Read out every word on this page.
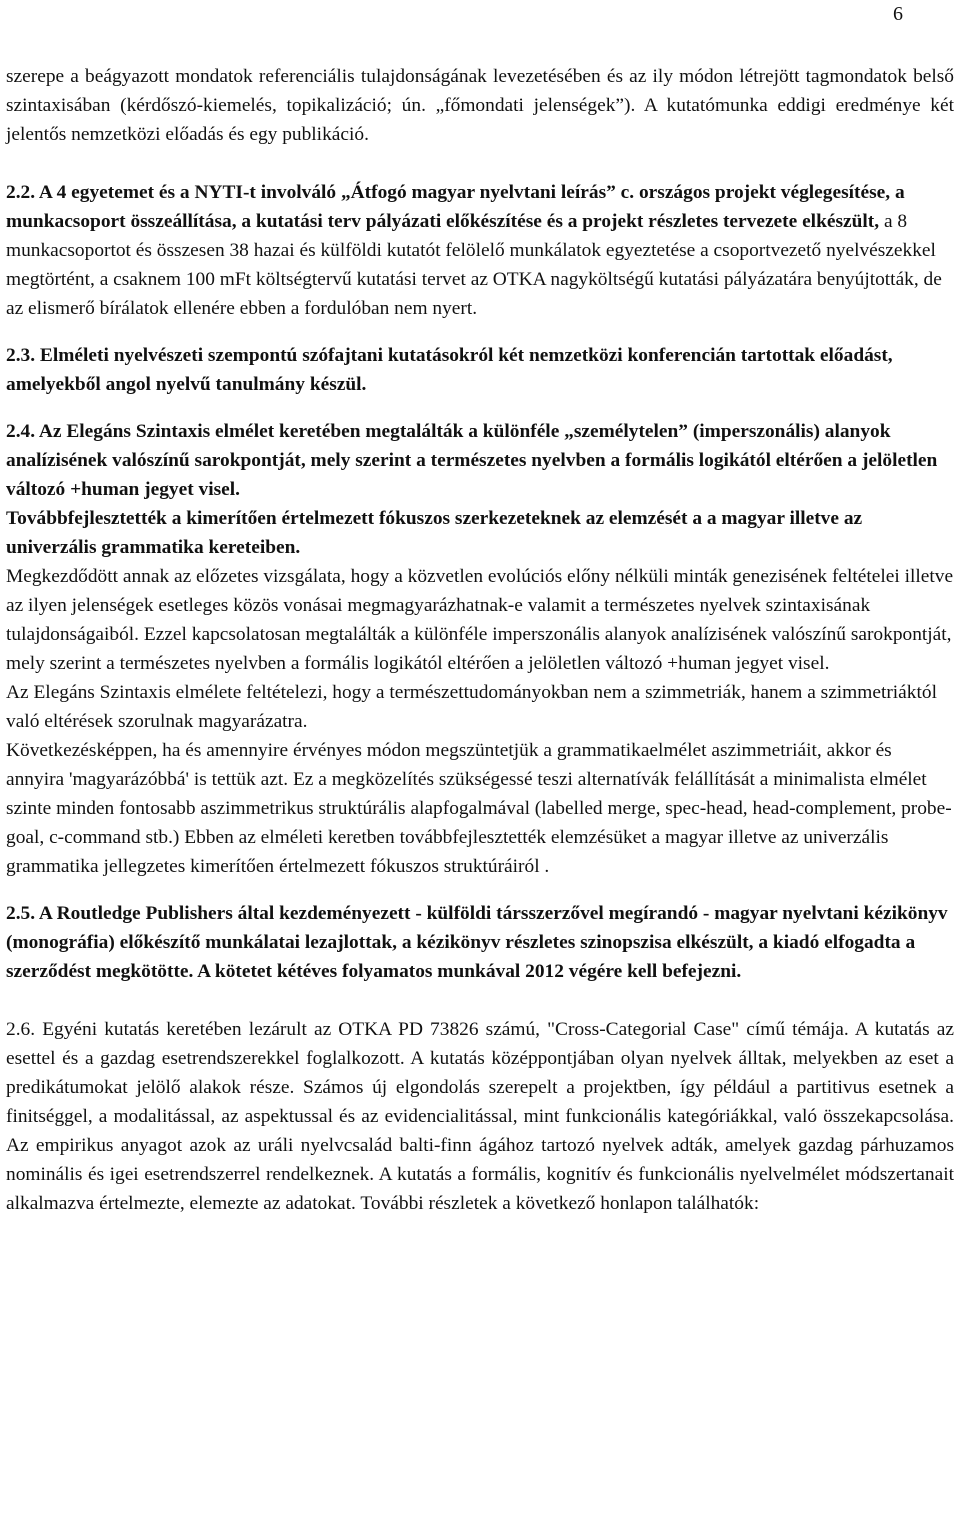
6
szerepe a beágyazott mondatok referenciális tulajdonságának levezetésében és az ily módon létrejött tagmondatok belső szintaxisában (kérdőszó-kiemelés, topikalizáció; ún. „főmondati jelenségek”). A kutatómunka eddigi eredménye két jelentős nemzetközi előadás és egy publikáció.
2.2. A 4 egyetemet és a NYTI-t involváló „Átfogó magyar nyelvtani leírás” c. országos projekt véglegesítése, a munkacsoport összeállítása, a kutatási terv pályázati előkészítése és a projekt részletes tervezete elkészült, a 8 munkacsoportot és összesen 38 hazai és külföldi kutatót felölelő munkálatok egyeztetése a csoportvezető nyelvészekkel megtörtént, a csaknem 100 mFt költségtervű kutatási tervet az OTKA nagyköltségű kutatási pályázatára benyújtották, de az elismerő bírálatok ellenére ebben a fordulóban nem nyert.
2.3. Elméleti nyelvészeti szempontú szófajtani kutatásokról két nemzetközi konferencián tartottak előadást, amelyekből angol nyelvű tanulmány készül.
2.4. Az Elegáns Szintaxis elmélet keretében megtalálták a különféle „személytelen” (imperszonális) alanyok analízisének valószínű sarokpontját, mely szerint a természetes nyelvben a formális logikától eltérően a jelöletlen változó +human jegyet visel.
Továbbfejlesztették a kimerítően értelmezett fókuszos szerkezeteknek az elemzését a a magyar illetve az univerzális grammatika kereteiben.
Megkezdődött annak az előzetes vizsgálata, hogy a közvetlen evolúciós előny nélküli minták genezisének feltételei illetve az ilyen jelenségek esetleges közös vonásai megmagyarázhatnak-e valamit a természetes nyelvek szintaxisának tulajdonságaiból. Ezzel kapcsolatosan megtalálták a különféle imperszonális alanyok analízisének valószínű sarokpontját, mely szerint a természetes nyelvben a formális logikától eltérően a jelöletlen változó +human jegyet visel.
Az Elegáns Szintaxis elmélete feltételezi, hogy a természettudományokban nem a szimmetriák, hanem a szimmetriáktól való eltérések szorulnak magyarázatra.
Következésképpen, ha és amennyire érvényes módon megszüntetjük a grammatikaelmélet aszimmetriáit, akkor és annyira 'magyarázóbbá' is tettük azt. Ez a megközelítés szükségessé teszi alternatívák felállítását a minimalista elmélet szinte minden fontosabb aszimmetrikus struktúrális alapfogalmával (labelled merge, spec-head, head-complement, probe-goal, c-command stb.) Ebben az elméleti keretben továbbfejlesztették elemzésüket a magyar illetve az univerzális grammatika jellegzetes kimerítően értelmezett fókuszos struktúráiról .
2.5. A Routledge Publishers által kezdeményezett - külföldi társszerzővel megírandó - magyar nyelvtani kézikönyv (monográfia) előkészítő munkálatai lezajlottak, a kézikönyv részletes szinopszisa elkészült, a kiadó elfogadta a szerződést megkötötte. A kötetet kétéves folyamatos munkával 2012 végére kell befejezni.
2.6. Egyéni kutatás keretében lezárult az OTKA PD 73826 számú, "Cross-Categorial Case" című témája. A kutatás az esettel és a gazdag esetrendszerekkel foglalkozott. A kutatás középpontjában olyan nyelvek álltak, melyekben az eset a predikátumokat jelölő alakok része. Számos új elgondolás szerepelt a projektben, így például a partitivus esetnek a finitséggel, a modalitással, az aspektussal és az evidencialitással, mint funkcionális kategóriákkal, való összekapcsolása. Az empirikus anyagot azok az uráli nyelvcsalád balti-finn ágához tartozó nyelvek adták, amelyek gazdag párhuzamos nominális és igei esetrendszerrel rendelkeznek. A kutatás a formális, kognitív és funkcionális nyelvelmélet módszertanait alkalmazva értelmezte, elemezte az adatokat. További részletek a következő honlapon találhatók:
